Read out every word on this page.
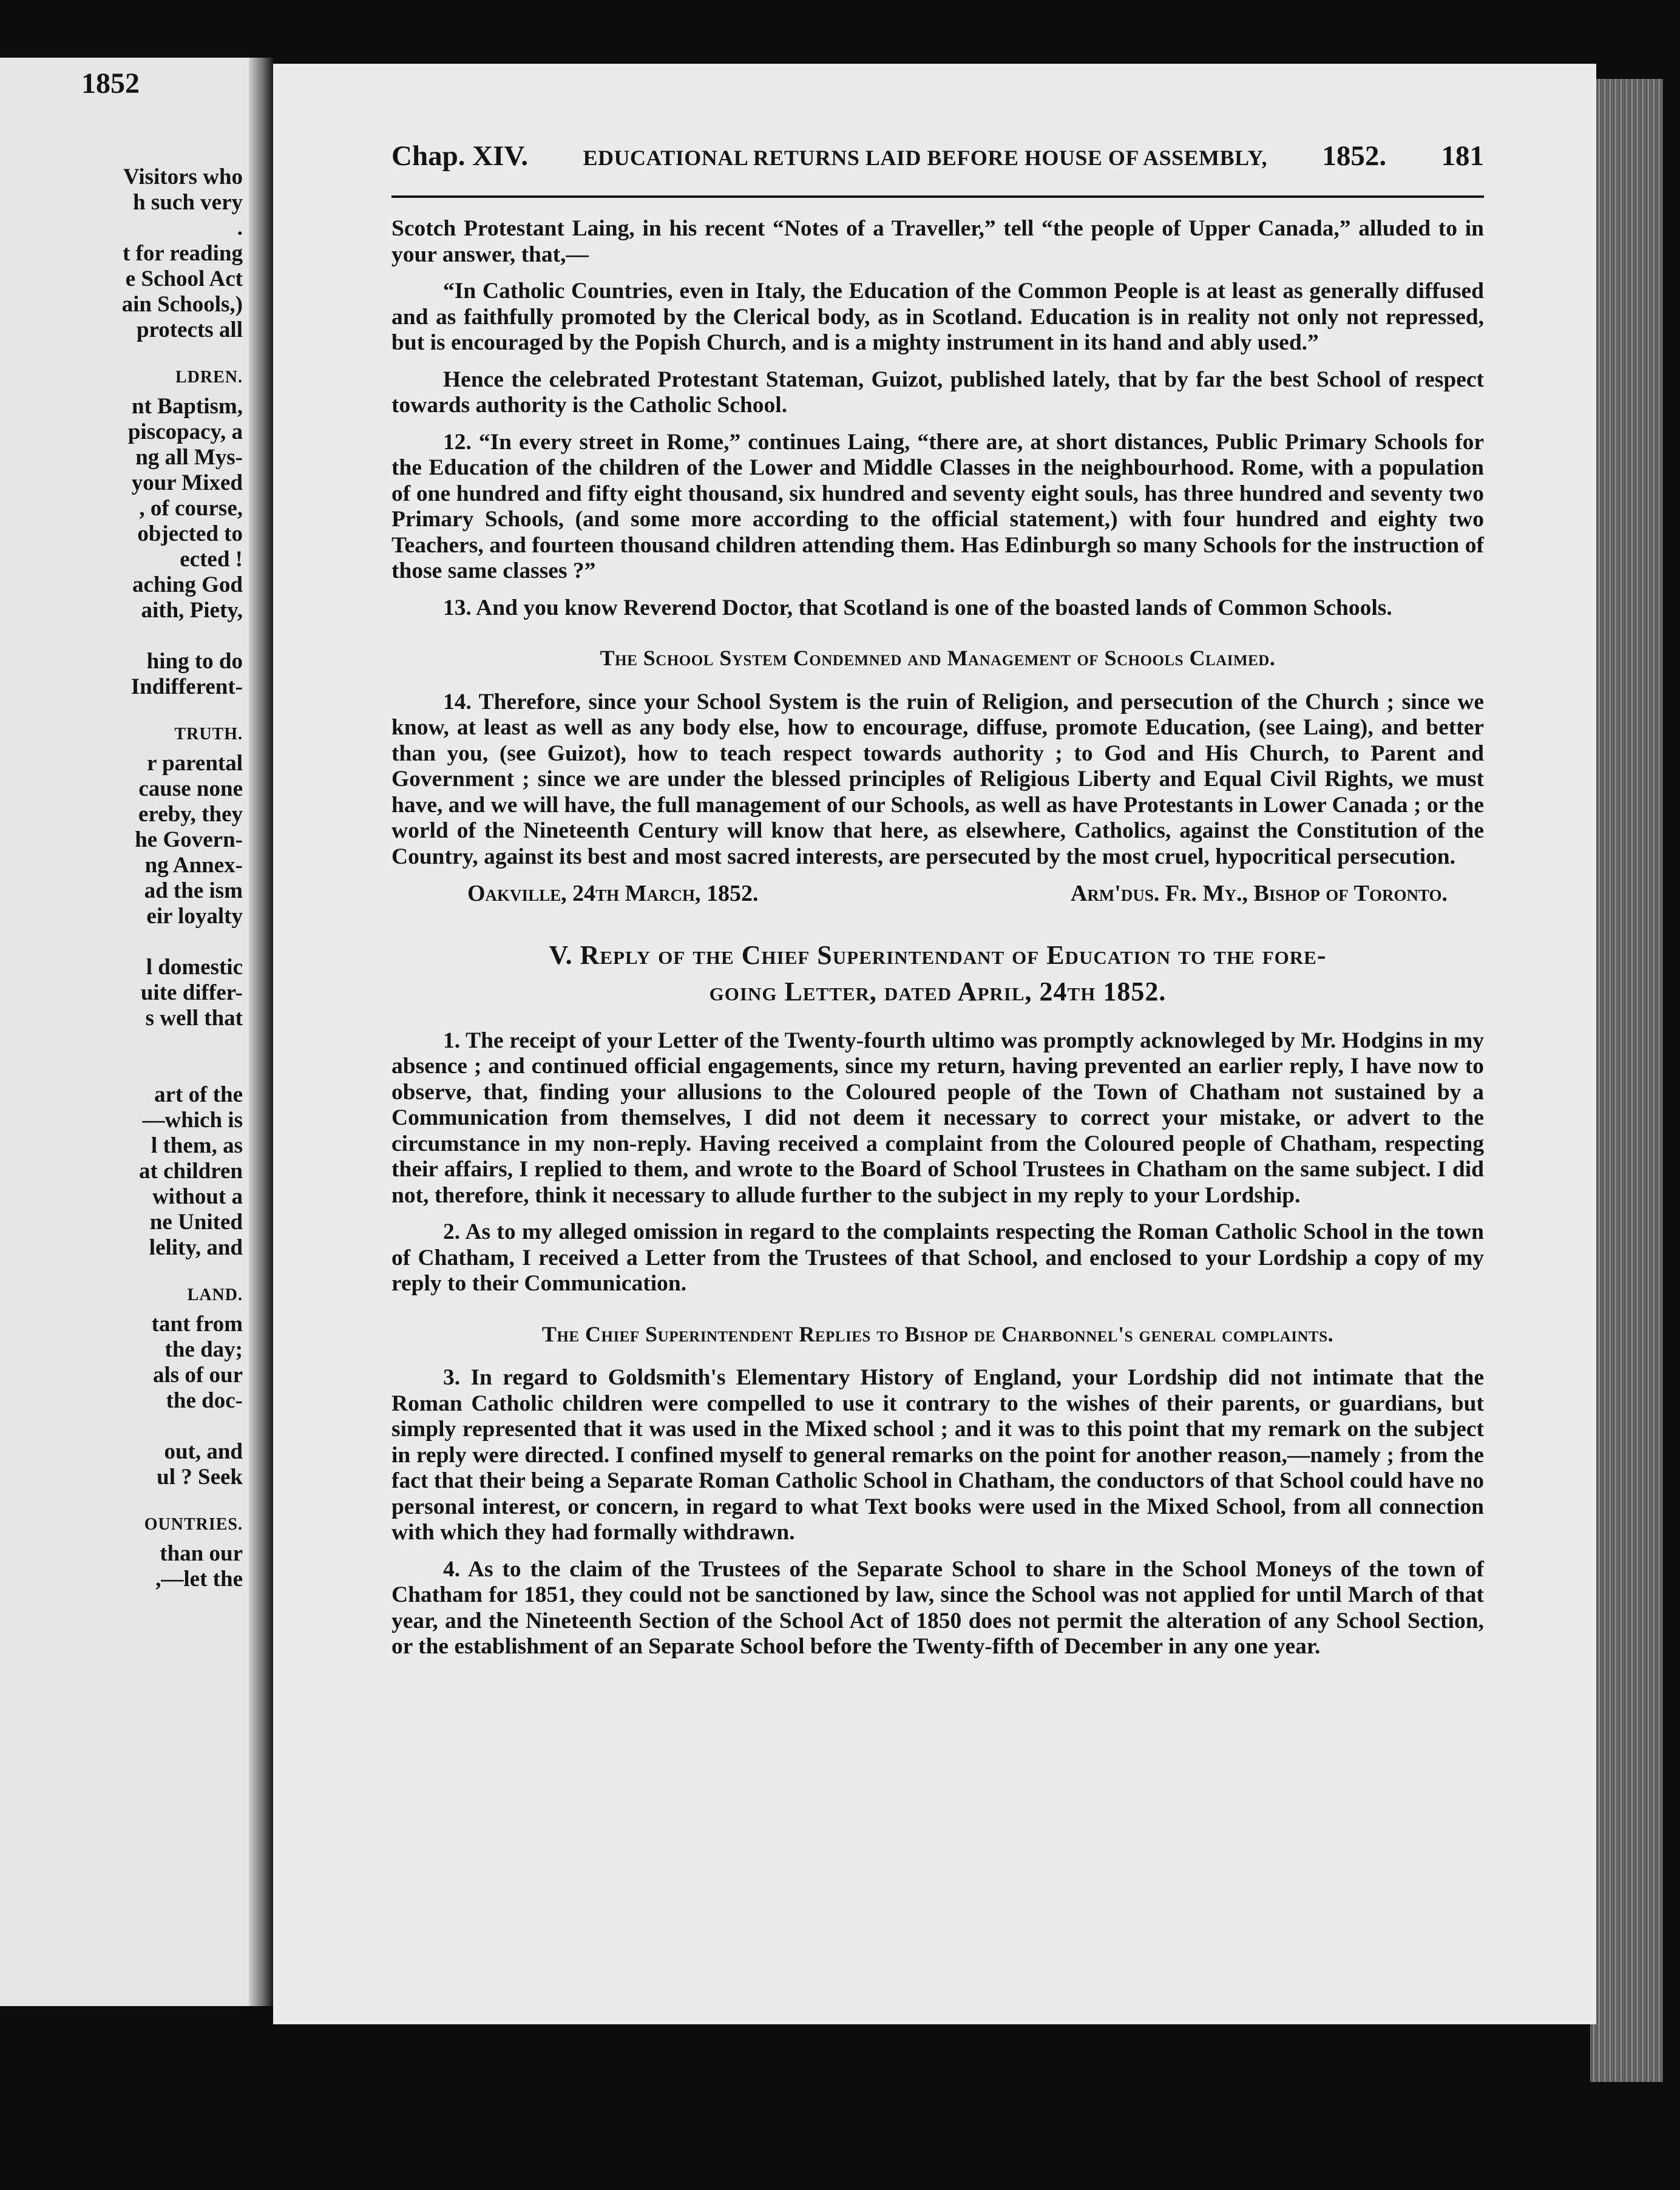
1852
Visitors who
h such very
.
t for reading
e School Act
ain Schools,)
protects all
LDREN.
nt Baptism,
piscopacy, a
ng all Mys-
your Mixed
, of course,
objected to
ected !
aching God
aith, Piety,
hing to do
Indifferent-
TRUTH.
r parental
cause none
ereby, they
he Govern-
ng Annex-
ad the ism
eir loyalty
l domestic
uite differ-
s well that
art of the
—which is
l them, as
at children
without a
ne United
lelity, and
LAND.
tant from
the day;
als of our
the doc-
out, and
ul ? Seek
OUNTRIES.
than our
,—let the
Chap. XIV.	EDUCATIONAL RETURNS LAID BEFORE HOUSE OF ASSEMBLY, 1852. 181

Scotch Protestant Laing, in his recent “Notes of a Traveller,” tell “the people of Upper Canada,” alluded to in your answer, that,—

“In Catholic Countries, even in Italy, the Education of the Common People is at least as generally diffused and as faithfully promoted by the Clerical body, as in Scotland. Education is in reality not only not repressed, but is encouraged by the Popish Church, and is a mighty instrument in its hand and ably used.”

Hence the celebrated Protestant Stateman, Guizot, published lately, that by far the best School of respect towards authority is the Catholic School.

12. “In every street in Rome,” continues Laing, “there are, at short distances, Public Primary Schools for the Education of the children of the Lower and Middle Classes in the neighbourhood. Rome, with a population of one hundred and fifty eight thousand, six hundred and seventy eight souls, has three hundred and seventy two Primary Schools, (and some more according to the official statement,) with four hundred and eighty two Teachers, and fourteen thousand children attending them. Has Edinburgh so many Schools for the instruction of those same classes ?”

13. And you know Reverend Doctor, that Scotland is one of the boasted lands of Common Schools.

The School System Condemned and Management of Schools Claimed.

14. Therefore, since your School System is the ruin of Religion, and persecution of the Church ; since we know, at least as well as any body else, how to encourage, diffuse, promote Education, (see Laing), and better than you, (see Guizot), how to teach respect towards authority ; to God and His Church, to Parent and Government ; since we are under the blessed principles of Religious Liberty and Equal Civil Rights, we must have, and we will have, the full management of our Schools, as well as have Protestants in Lower Canada ; or the world of the Nineteenth Century will know that here, as elsewhere, Catholics, against the Constitution of the Country, against its best and most sacred interests, are persecuted by the most cruel, hypocritical persecution.

Oakville, 24th March, 1852.	Arm'dus. Fr. My., Bishop of Toronto.
V. Reply of the Chief Superintendant of Education to the fore-
going Letter, dated April, 24th 1852.

1. The receipt of your Letter of the Twenty-fourth ultimo was promptly acknowleged by Mr. Hodgins in my absence ; and continued official engagements, since my return, having prevented an earlier reply, I have now to observe, that, finding your allusions to the Coloured people of the Town of Chatham not sustained by a Communication from themselves, I did not deem it necessary to correct your mistake, or advert to the circumstance in my non-reply. Having received a complaint from the Coloured people of Chatham, respecting their affairs, I replied to them, and wrote to the Board of School Trustees in Chatham on the same subject. I did not, therefore, think it necessary to allude further to the subject in my reply to your Lordship.

2. As to my alleged omission in regard to the complaints respecting the Roman Catholic School in the town of Chatham, I received a Letter from the Trustees of that School, and enclosed to your Lordship a copy of my reply to their Communication.

The Chief Superintendent Replies to Bishop de Charbonnel's general complaints.

3. In regard to Goldsmith's Elementary History of England, your Lordship did not intimate that the Roman Catholic children were compelled to use it contrary to the wishes of their parents, or guardians, but simply represented that it was used in the Mixed school ; and it was to this point that my remark on the subject in reply were directed. I confined myself to general remarks on the point for another reason,—namely ; from the fact that their being a Separate Roman Catholic School in Chatham, the conductors of that School could have no personal interest, or concern, in regard to what Text books were used in the Mixed School, from all connection with which they had formally withdrawn.

4. As to the claim of the Trustees of the Separate School to share in the School Moneys of the town of Chatham for 1851, they could not be sanctioned by law, since the School was not applied for until March of that year, and the Nineteenth Section of the School Act of 1850 does not permit the alteration of any School Section, or the establishment of an Separate School before the Twenty-fifth of December in any one year.
